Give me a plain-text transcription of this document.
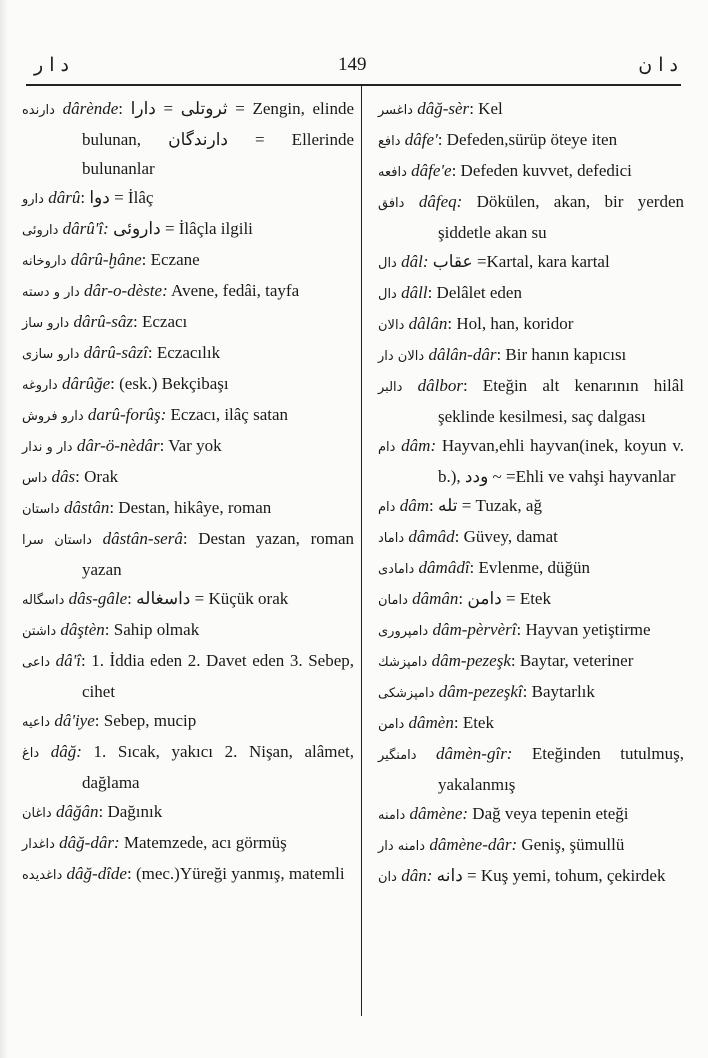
د ا ر	149	د ا ن

دارنده dârènde: ثروتلى = دارا = Zengin, elinde bulunan, دارندگان = Ellerinde bulunanlar

دارو dârû: دوا = İlâç

داروئى dârû'î: داروئى = İlâçla ilgili

داروخانه dârû-ḫâne: Eczane

دار و دسته dâr-o-dèste: Avene, fedâi, tayfa

دارو ساز dârû-sâz: Eczacı

دارو سازى dârû-sâzî: Eczacılık

داروغه dârûğe: (esk.) Bekçibaşı

دارو فروش darû-forûş: Eczacı, ilâç satan

دار و ندار dâr-ö-nèdâr: Var yok

داس dâs: Orak

داستان dâstân: Destan, hikâye, roman

داستان سرا dâstân-serâ: Destan yazan, roman yazan

داسگاله dâs-gâle: داسغاله = Küçük orak

داشتن dâştèn: Sahip olmak

داعى dâ'î: 1. İddia eden 2. Davet eden 3. Sebep, cihet

داعيه dâ'iye: Sebep, mucip

داغ dâğ: 1. Sıcak, yakıcı 2. Nişan, alâmet, dağlama

داغان dâğân: Dağınık

داغدار dâğ-dâr: Matemzede, acı görmüş

داغديده dâğ-dîde: (mec.)Yüreği yanmış, matemli

داغسر dâğ-sèr: Kel

دافع dâfe': Defeden,sürüp öteye iten

دافعه dâfe'e: Defeden kuvvet, defedici

دافق dâfeq: Dökülen, akan, bir yerden şiddetle akan su

دال dâl: عقاب =Kartal, kara kartal

دال dâll: Delâlet eden

دالان dâlân: Hol, han, koridor

دالان دار dâlân-dâr: Bir hanın kapıcısı

دالبر dâlbor: Eteğin alt kenarının hilâl şeklinde kesilmesi, saç dalgası

دام dâm: Hayvan,ehli hayvan(inek, koyun v. b.), ودد ~ =Ehli ve vahşi hayvanlar

دام dâm: تله = Tuzak, ağ

داماد dâmâd: Güvey, damat

دامادى dâmâdî: Evlenme, düğün

دامان dâmân: دامن = Etek

دامپرورى dâm-pèrvèrî: Hayvan yetiştirme

دامپزشك dâm-pezeşk: Baytar, veteriner

دامپزشكى dâm-pezeşkî: Baytarlık

دامن dâmèn: Etek

دامنگير dâmèn-gîr: Eteğinden tutulmuş, yakalanmış

دامنه dâmène: Dağ veya tepenin eteği

دامنه دار dâmène-dâr: Geniş, şümullü

دان dân: دانه = Kuş yemi, tohum, çekirdek
